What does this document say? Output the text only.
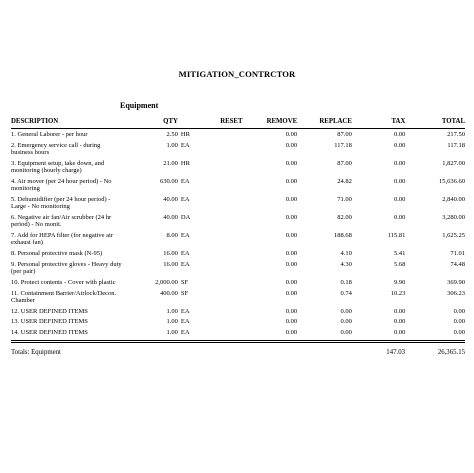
MITIGATION_CONTRCTOR
Equipment
DESCRIPTION	QTY		RESET	REMOVE	REPLACE	TAX	TOTAL
1. General Laborer - per hour	2.50	HR		0.00	87.00	0.00	217.50
2. Emergency service call - during business hours	1.00	EA		0.00	117.18	0.00	117.18
3. Equipment setup, take down, and monitoring (hourly charge)	21.00	HR		0.00	87.00	0.00	1,827.00
4. Air mover (per 24 hour period) - No monitoring	630.00	EA		0.00	24.82	0.00	15,636.60
5. Dehumidifier (per 24 hour period) - Large - No monitoring	40.00	EA		0.00	71.00	0.00	2,840.00
6. Negative air fan/Air scrubber (24 hr period) - No monit.	40.00	DA		0.00	82.00	0.00	3,280.00
7. Add for HEPA filter (for negative air exhaust fan)	8.00	EA		0.00	188.68	115.81	1,625.25
8. Personal protective mask (N-95)	16.00	EA		0.00	4.10	5.41	71.01
9. Personal protective gloves - Heavy duty (per pair)	16.00	EA		0.00	4.30	5.68	74.48
10. Protect contents - Cover with plastic	2,000.00	SF		0.00	0.18	9.90	369.90
11. Containment Barrier/Airlock/Decon. Chamber	400.00	SF		0.00	0.74	10.23	306.23
12. USER DEFINED ITEMS	1.00	EA		0.00	0.00	0.00	0.00
13. USER DEFINED ITEMS	1.00	EA		0.00	0.00	0.00	0.00
14. USER DEFINED ITEMS	1.00	EA		0.00	0.00	0.00	0.00

Totals: Equipment	147.03	26,365.15
